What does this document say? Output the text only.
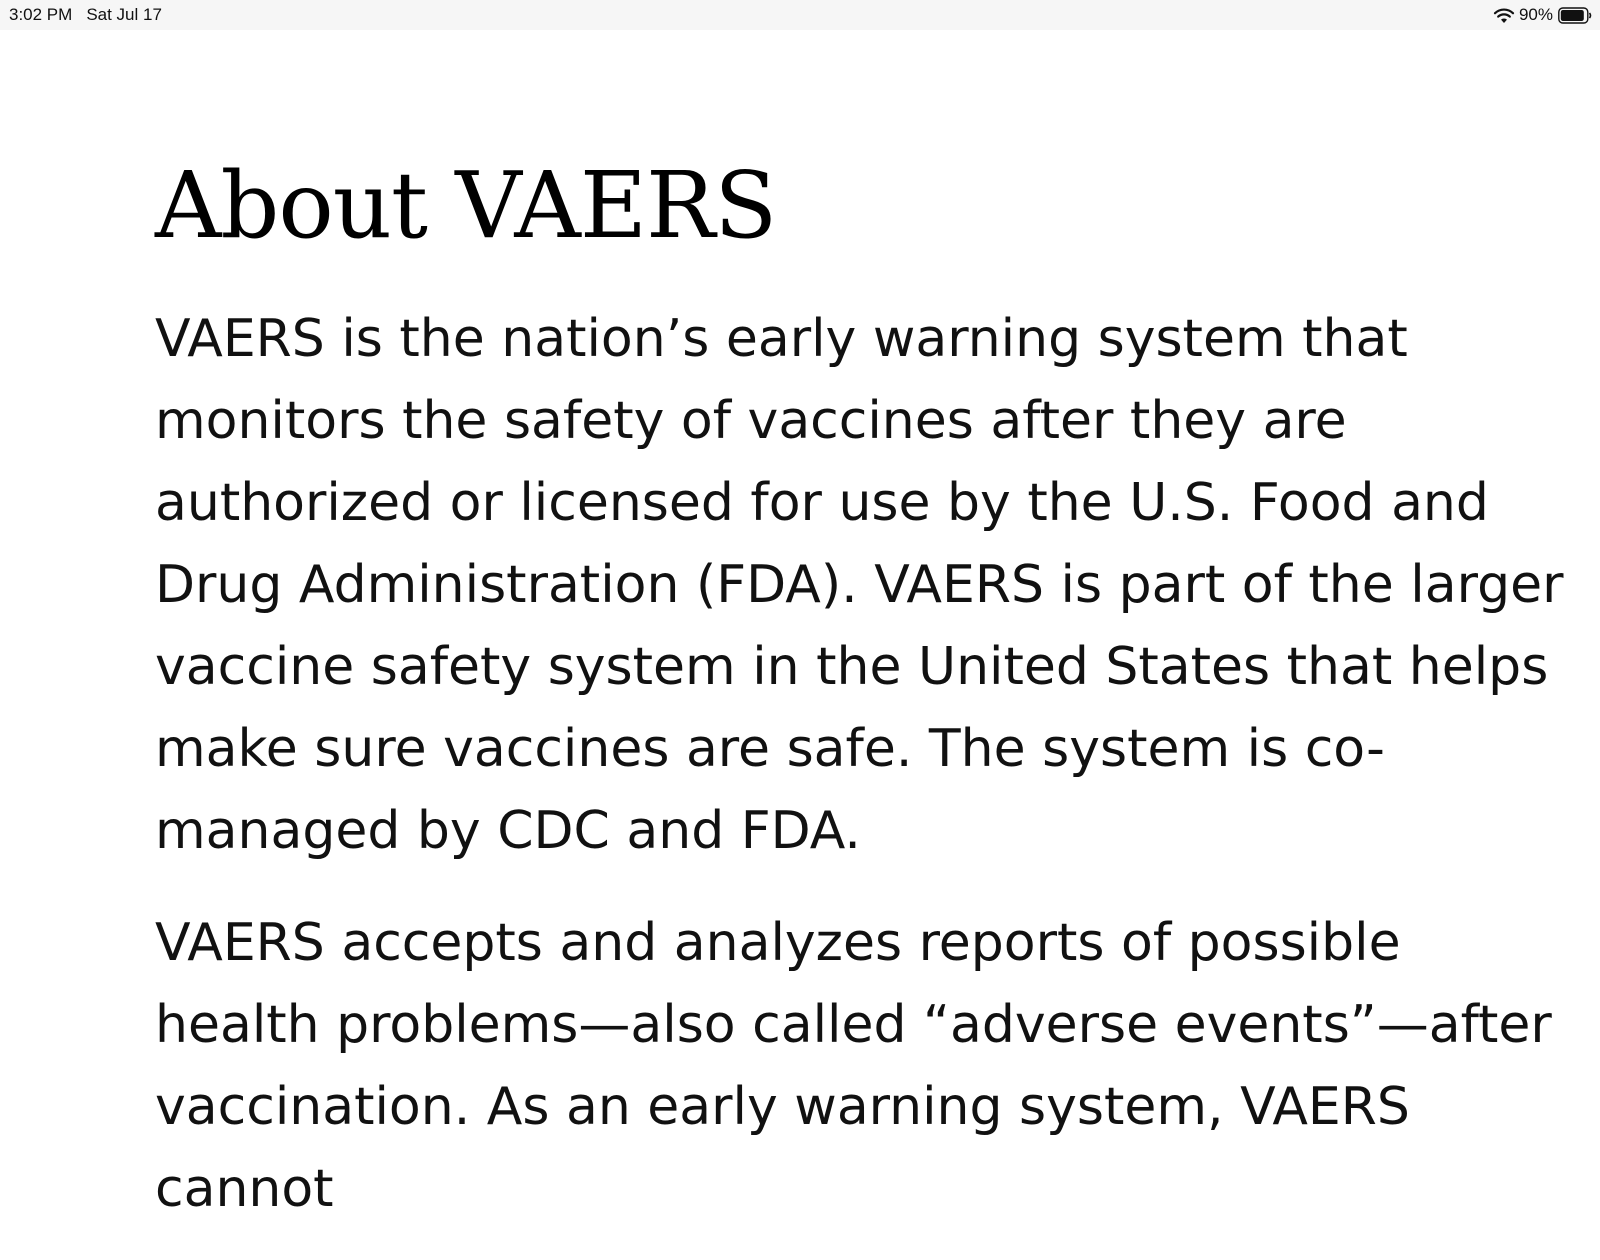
3:02 PM Sat Jul 17	90%
About VAERS

VAERS is the nation’s early warning system that monitors the safety of vaccines after they are authorized or licensed for use by the U.S. Food and Drug Administration (FDA). VAERS is part of the larger vaccine safety system in the United States that helps make sure vaccines are safe. The system is co-managed by CDC and FDA.

VAERS accepts and analyzes reports of possible health problems—also called “adverse events”—after vaccination. As an early warning system, VAERS cannot
